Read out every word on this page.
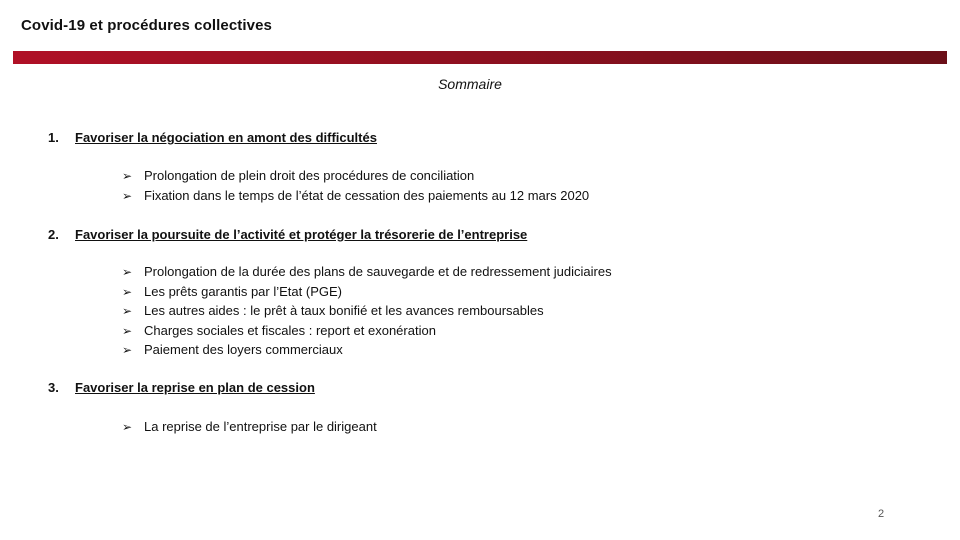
Covid-19 et procédures collectives
Sommaire
1. Favoriser la négociation en amont des difficultés
➢ Prolongation de plein droit des procédures de conciliation
➢ Fixation dans le temps de l’état de cessation des paiements au 12 mars 2020
2. Favoriser la poursuite de l’activité et protéger la trésorerie de l’entreprise
➢ Prolongation de la durée des plans de sauvegarde et de redressement judiciaires
➢ Les prêts garantis par l’Etat (PGE)
➢ Les autres aides : le prêt à taux bonifié et les avances remboursables
➢ Charges sociales et fiscales : report et exonération
➢ Paiement des loyers commerciaux
3. Favoriser la reprise en plan de cession
➢ La reprise de l’entreprise par le dirigeant
2
